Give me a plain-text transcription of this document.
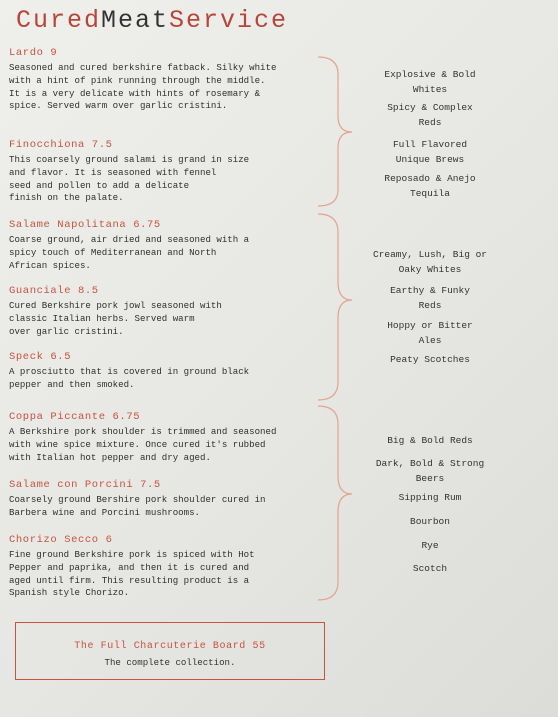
CuredMeatService
Lardo 9
Seasoned and cured berkshire fatback. Silky white
with a hint of pink running through the middle.
It is a very delicate with hints of rosemary &
spice. Served warm over garlic cristini.
Finocchiona 7.5
This coarsely ground salami is grand in size
and flavor. It is seasoned with fennel
seed and pollen to add a delicate
finish on the palate.
Salame Napolitana 6.75
Coarse ground, air dried and seasoned with a
spicy touch of Mediterranean and North
African spices.
Guanciale 8.5
Cured Berkshire pork jowl seasoned with
classic Italian herbs. Served warm
over garlic cristini.
Speck 6.5
A prosciutto that is covered in ground black
pepper and then smoked.
Coppa Piccante 6.75
A Berkshire pork shoulder is trimmed and seasoned
with wine spice mixture. Once cured it's rubbed
with Italian hot pepper and dry aged.
Salame con Porcini 7.5
Coarsely ground Bershire pork shoulder cured in
Barbera wine and Porcini mushrooms.
Chorizo Secco 6
Fine ground Berkshire pork is spiced with Hot
Pepper and paprika, and then it is cured and
aged until firm. This resulting product is a
Spanish style Chorizo.
Explosive & Bold
Whites
Spicy & Complex
Reds
Full Flavored
Unique Brews
Reposado & Anejo
Tequila
Creamy, Lush, Big or
Oaky Whites
Earthy & Funky
Reds
Hoppy or Bitter
Ales
Peaty Scotches
Big & Bold Reds
Dark, Bold & Strong
Beers
Sipping Rum
Bourbon
Rye
Scotch
The Full Charcuterie Board 55
The complete collection.
